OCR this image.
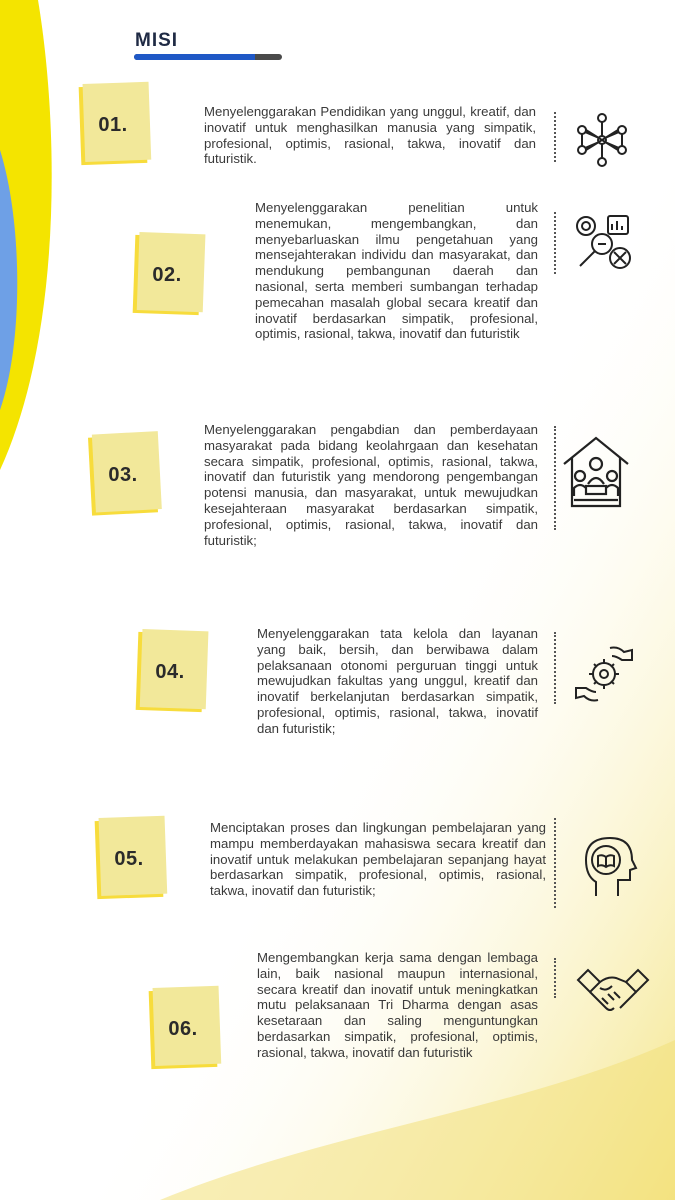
MISI
01.
Menyelenggarakan Pendidikan yang unggul, kreatif, dan inovatif untuk menghasilkan manusia yang simpatik, profesional, optimis, rasional, takwa, inovatif dan futuristik.
02.
Menyelenggarakan penelitian untuk menemukan, mengembangkan, dan menyebarluaskan ilmu pengetahuan yang mensejahterakan individu dan masyarakat, dan mendukung pembangunan daerah dan nasional, serta memberi sumbangan terhadap pemecahan masalah global secara kreatif dan inovatif berdasarkan simpatik, profesional, optimis, rasional, takwa, inovatif dan futuristik
03.
Menyelenggarakan pengabdian dan pemberdayaan masyarakat pada bidang keolahrgaan dan kesehatan secara simpatik, profesional, optimis, rasional, takwa, inovatif dan futuristik yang mendorong pengembangan potensi manusia, dan masyarakat, untuk mewujudkan kesejahteraan masyarakat berdasarkan simpatik, profesional, optimis, rasional, takwa, inovatif dan futuristik;
04.
Menyelenggarakan tata kelola dan layanan yang baik, bersih, dan berwibawa dalam pelaksanaan otonomi perguruan tinggi untuk mewujudkan fakultas yang unggul, kreatif dan inovatif berkelanjutan berdasarkan simpatik, profesional, optimis, rasional, takwa, inovatif dan futuristik;
05.
Menciptakan proses dan lingkungan pembelajaran yang mampu memberdayakan mahasiswa secara kreatif dan inovatif untuk melakukan pembelajaran sepanjang hayat berdasarkan simpatik, profesional, optimis, rasional, takwa, inovatif dan futuristik;
06.
Mengembangkan kerja sama dengan lembaga lain, baik nasional maupun internasional, secara kreatif dan inovatif untuk meningkatkan mutu pelaksanaan Tri Dharma dengan asas kesetaraan dan saling menguntungkan berdasarkan simpatik, profesional, optimis, rasional, takwa, inovatif dan futuristik
